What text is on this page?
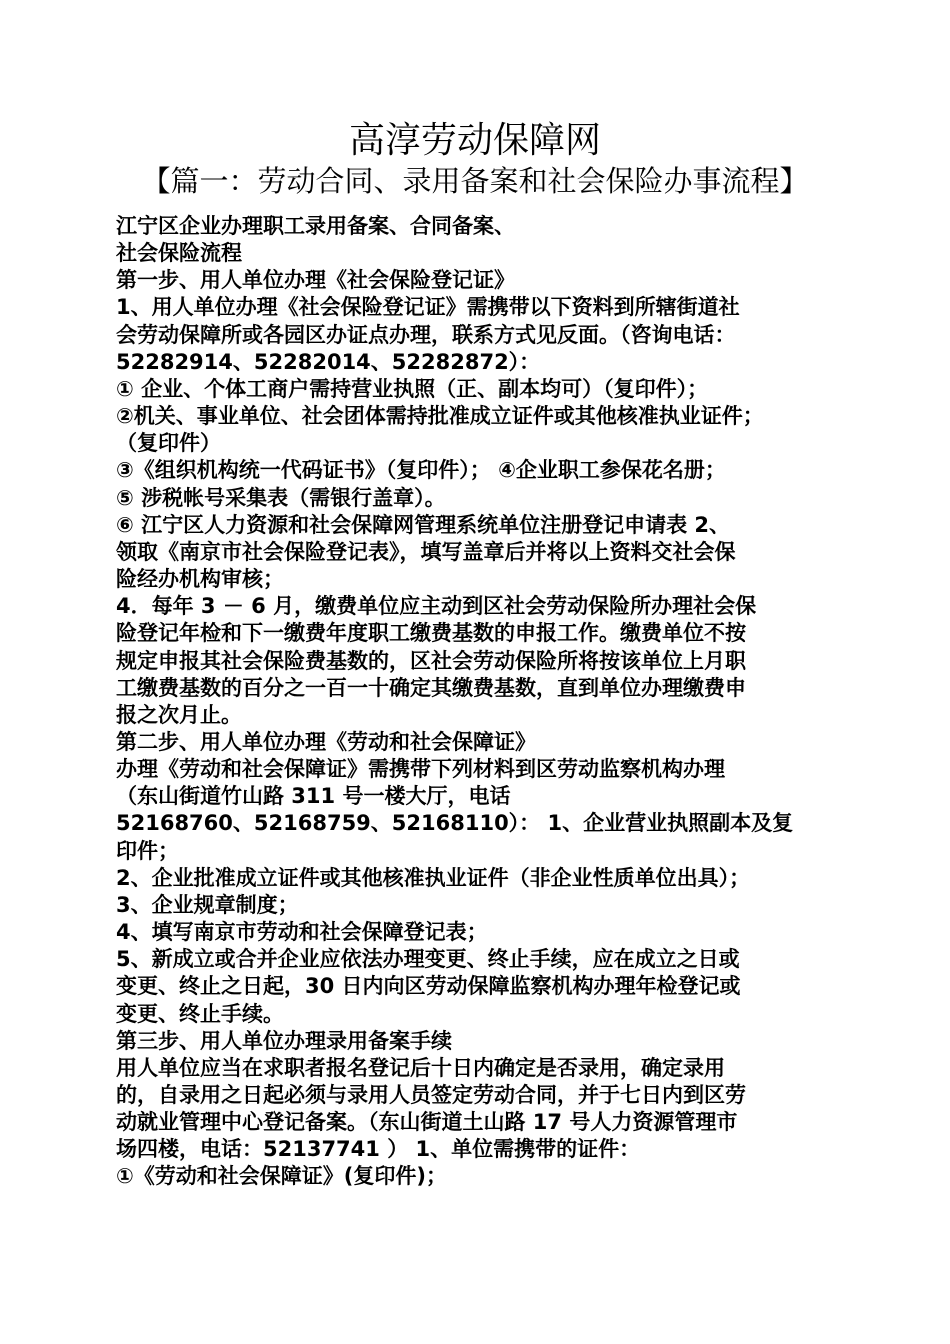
高淳劳动保障网
【篇一：劳动合同、录用备案和社会保险办事流程】
江宁区企业办理职工录用备案、合同备案、
社会保险流程
第一步、用人单位办理《社会保险登记证》
1、用人单位办理《社会保险登记证》需携带以下资料到所辖街道社
会劳动保障所或各园区办证点办理，联系方式见反面。（咨询电话：
52282914、52282014、52282872）：
① 企业、个体工商户需持营业执照（正、副本均可）（复印件）；
②机关、事业单位、社会团体需持批准成立证件或其他核准执业证件；
（复印件）
③《组织机构统一代码证书》（复印件）； ④企业职工参保花名册；
⑤ 涉税帐号采集表（需银行盖章）。
⑥ 江宁区人力资源和社会保障网管理系统单位注册登记申请表 2、
领取《南京市社会保险登记表》，填写盖章后并将以上资料交社会保
险经办机构审核；
4．每年 3 － 6 月，缴费单位应主动到区社会劳动保险所办理社会保
险登记年检和下一缴费年度职工缴费基数的申报工作。缴费单位不按
规定申报其社会保险费基数的，区社会劳动保险所将按该单位上月职
工缴费基数的百分之一百一十确定其缴费基数，直到单位办理缴费申
报之次月止。
第二步、用人单位办理《劳动和社会保障证》
办理《劳动和社会保障证》需携带下列材料到区劳动监察机构办理
（东山街道竹山路 311 号一楼大厅，电话
52168760、52168759、52168110）： 1、企业营业执照副本及复
印件；
2、企业批准成立证件或其他核准执业证件（非企业性质单位出具）；
3、企业规章制度；
4、填写南京市劳动和社会保障登记表；
5、新成立或合并企业应依法办理变更、终止手续，应在成立之日或
变更、终止之日起，30 日内向区劳动保障监察机构办理年检登记或
变更、终止手续。
第三步、用人单位办理录用备案手续
用人单位应当在求职者报名登记后十日内确定是否录用，确定录用
的，自录用之日起必须与录用人员签定劳动合同，并于七日内到区劳
动就业管理中心登记备案。（东山街道土山路 17 号人力资源管理市
场四楼，电话：52137741 ） 1、单位需携带的证件：
①《劳动和社会保障证》(复印件)；
